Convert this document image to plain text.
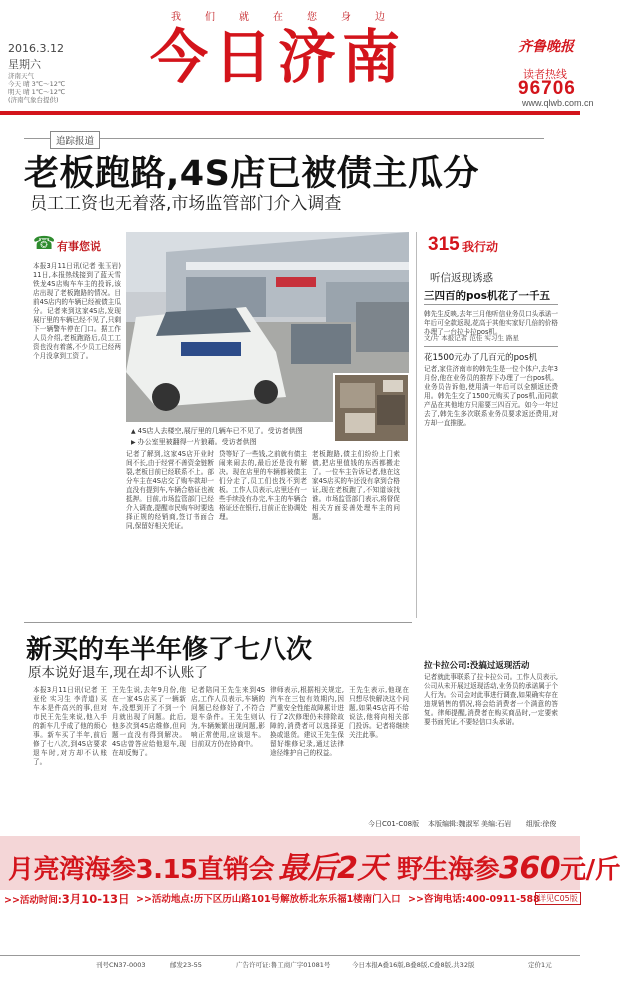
我们就在您身边
今日济南
2016.3.12
星期六
济南天气
今天 晴 3℃～12℃
明天 晴 1℃～12℃
(济南气象台提供)
齐鲁晚报
读者热线
96706
www.qlwb.com.cn
追踪报道
老板跑路,4S店已被债主瓜分
员工工资也无着落,市场监管部门介入调查
☎ 有事您说
本报3月11日讯(记者 张玉岩) 11日,本报热线接到了蓝天雪铁龙4S店购车车主的投诉,该店出现了老板跑路的情况。目前4S店内的车辆已经被债主瓜分。记者来到这家4S店,发现展厅里的车辆已经不见了,只剩下一辆警车停在门口。据工作人员介绍,老板跑路后,员工工资也没有着落,不少员工已经两个月没拿到工资了。
记者了解到,这家4S店开业时间不长,由于经营不善资金链断裂,老板目前已经联系不上。部分车主在4S店交了购车款却一直没有提到车,车辆合格证也被抵押。目前,市场监管部门已经介入调查,提醒市民购车时要选择正规的经销商,签订书面合同,保留好相关凭证。
贷等好了一些钱,之前就有债主闹来闹去的,最后还是没有解决。现在店里的车辆都被债主们分走了,员工们也找不到老板。工作人员表示,店里还有一些手续没有办完,车主的车辆合格证还在银行,目前正在协调处理。
老板跑路,债主们纷纷上门索债,把店里值钱的东西都搬走了。一位车主告诉记者,他在这家4S店买的车还没有拿到合格证,现在老板跑了,不知道该找谁。市场监管部门表示,将督促相关方面妥善处理车主的问题。
▲ 4S店人去楼空,展厅里的几辆车已不见了。受访者供图
▶ 办公室里被翻得一片狼藉。受访者供图
315 我行动
听信返现诱惑
三四百的pos机花了一千五
韩先生反映,去年三月他听信业务员口头承诺一年后可全款返现,花高于其他实家好几倍的价格办理了一台拉卡拉pos机。
文/片 本报记者 范佳 实习生 路星
花1500元办了几百元的pos机
记者,家住济南市的韩先生是一位个体户,去年3月份,他在业务员的推荐下办理了一台pos机。业务员告诉他,使用满一年后可以全额返还费用。韩先生交了1500元购买了pos机,而同款产品在其他地方只需要三四百元。如今一年过去了,韩先生多次联系业务员要求返还费用,对方却一直推脱。
拉卡拉公司:没搞过返现活动
记者就此事联系了拉卡拉公司。工作人员表示,公司从未开展过返现活动,业务员的承诺属于个人行为。公司会对此事进行调查,如果确实存在违规销售的情况,将会给消费者一个满意的答复。律师提醒,消费者在购买商品时,一定要索要书面凭证,不要轻信口头承诺。
新买的车半年修了七八次
原本说好退车,现在却不认账了
本报3月11日讯(记者 王亚伦 实习生 李青道) 买车本是件高兴的事,但对市民王先生来说,他入手的新车几乎成了他的烦心事。新车买了半年,前后修了七八次,到4S店要求退车时,对方却不认账了。
王先生说,去年9月份,他在一家4S店买了一辆新车,没想到开了不到一个月就出现了问题。此后,他多次到4S店维修,但问题一直没有得到解决。4S店曾答应给他退车,现在却反悔了。
记者陪同王先生来到4S店,工作人员表示,车辆的问题已经修好了,不符合退车条件。王先生则认为,车辆频繁出现问题,影响正常使用,应该退车。目前双方仍在协商中。
律师表示,根据相关规定,汽车在三包有效期内,因严重安全性能故障累计进行了2次修理仍未排除故障的,消费者可以选择更换或退货。建议王先生保留好维修记录,通过法律途径维护自己的权益。
王先生表示,他现在只想尽快解决这个问题,如果4S店再不给说法,他将向相关部门投诉。记者将继续关注此事。
今日C01-C08版 本版编辑:魏淑军 美编:石岩 组版:徐俊
月亮湾海参3.15直销会 最后2天 野生海参360元/斤
>>活动时间:3月10-13日 >>活动地点:历下区历山路101号解放桥北东乐福1楼南门入口 >>咨询电话:400-0911-588
详见C05版
刊号CN37-0003	邮发23-55	广告许可证:鲁工商广字01081号	今日本报A叠16版,B叠8版,C叠8版,共32版	定价1元
